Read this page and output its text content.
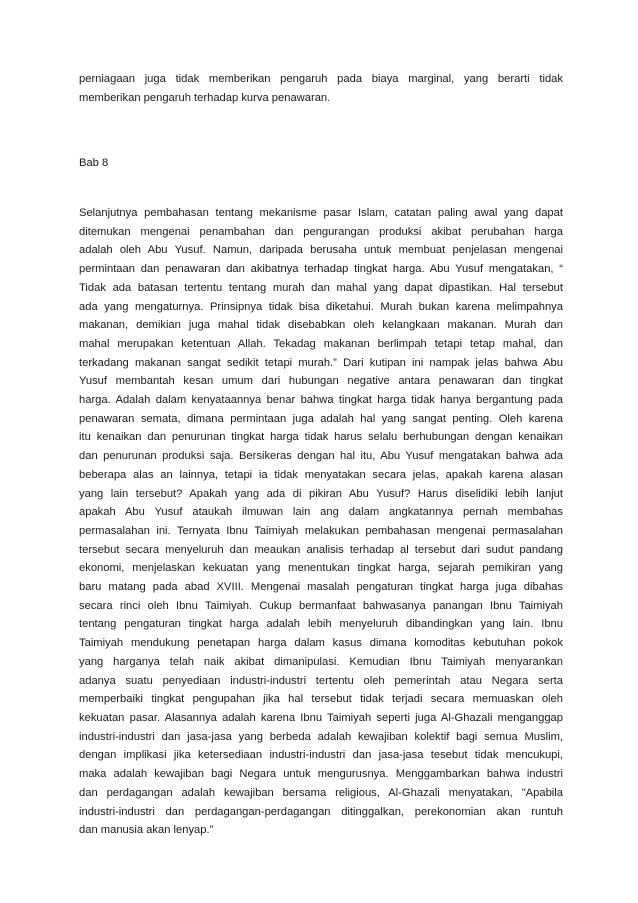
perniagaan juga tidak memberikan pengaruh pada biaya marginal, yang berarti tidak
memberikan pengaruh terhadap kurva penawaran.
Bab 8
Selanjutnya pembahasan tentang mekanisme pasar Islam, catatan paling awal yang dapat
ditemukan mengenai penambahan dan pengurangan produksi akibat perubahan harga
adalah oleh Abu Yusuf. Namun, daripada berusaha untuk membuat penjelasan mengenai
permintaan dan penawaran dan akibatnya terhadap tingkat harga. Abu Yusuf mengatakan, “
Tidak ada batasan tertentu tentang murah dan mahal yang dapat dipastikan. Hal tersebut
ada yang mengaturnya. Prinsipnya tidak bisa diketahui. Murah bukan karena melimpahnya
makanan, demikian juga mahal tidak disebabkan oleh kelangkaan makanan. Murah dan
mahal merupakan ketentuan Allah. Tekadag makanan berlimpah tetapi tetap mahal, dan
terkadang makanan sangat sedikit tetapi murah.” Dari kutipan ini nampak jelas bahwa Abu
Yusuf membantah kesan umum dari hubungan negative antara penawaran dan tingkat
harga. Adalah dalam kenyataannya benar bahwa tingkat harga tidak hanya bergantung pada
penawaran semata, dimana permintaan juga adalah hal yang sangat penting. Oleh karena
itu kenaikan dan penurunan tingkat harga tidak harus selalu berhubungan dengan kenaikan
dan penurunan produksi saja. Bersikeras dengan hal itu, Abu Yusuf mengatakan bahwa ada
beberapa alas an lainnya, tetapi ia tidak menyatakan secara jelas, apakah karena alasan
yang lain tersebut? Apakah yang ada di pikiran Abu Yusuf? Harus diselidiki lebih lanjut
apakah Abu Yusuf ataukah ilmuwan lain ang dalam angkatannya pernah membahas
permasalahan ini. Ternyata Ibnu Taimiyah melakukan pembahasan mengenai permasalahan
tersebut secara menyeluruh dan meaukan analisis terhadap al tersebut dari sudut pandang
ekonomi, menjelaskan kekuatan yang menentukan tingkat harga, sejarah pemikiran yang
baru matang pada abad XVIII. Mengenai masalah pengaturan tingkat harga juga dibahas
secara rinci oleh Ibnu Taimiyah. Cukup bermanfaat bahwasanya panangan Ibnu Taimiyah
tentang pengaturan tingkat harga adalah lebih menyeluruh dibandingkan yang lain. Ibnu
Taimiyah mendukung penetapan harga dalam kasus dimana komoditas kebutuhan pokok
yang harganya telah naik akibat dimanipulasi. Kemudian Ibnu Taimiyah menyarankan
adanya suatu penyediaan industri-industri tertentu oleh pemerintah atau Negara serta
memperbaiki tingkat pengupahan jika hal tersebut tidak terjadi secara memuaskan oleh
kekuatan pasar. Alasannya adalah karena Ibnu Taimiyah seperti juga Al-Ghazali menganggap
industri-industri dan jasa-jasa yang berbeda adalah kewajiban kolektif bagi semua Muslim,
dengan implikasi jika ketersediaan industri-industri dan jasa-jasa tesebut tidak mencukupi,
maka adalah kewajiban bagi Negara untuk mengurusnya. Menggambarkan bahwa industri
dan perdagangan adalah kewajiban bersama religious, Al-Ghazali menyatakan, "Apabila
industri-industri dan perdagangan-perdagangan ditinggalkan, perekonomian akan runtuh
dan manusia akan lenyap.”
